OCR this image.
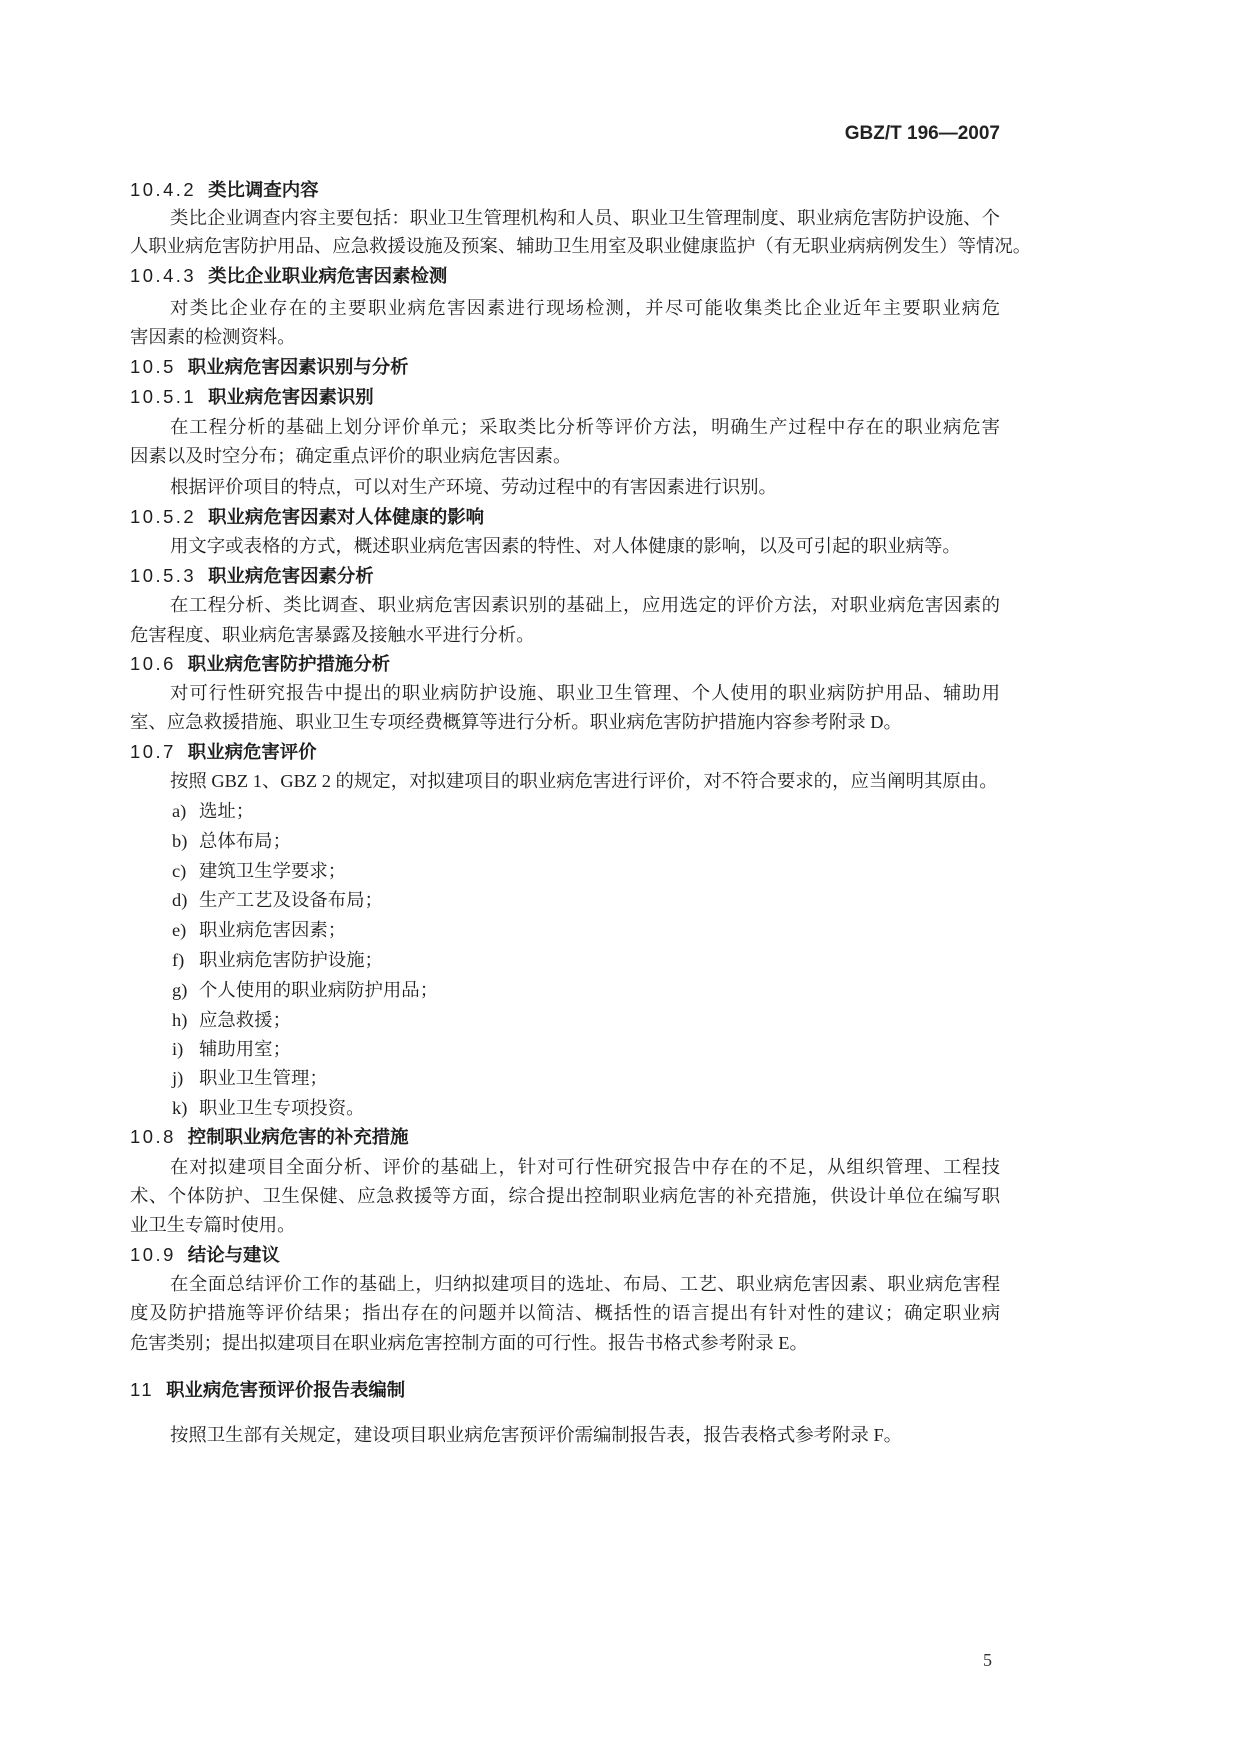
GBZ/T 196—2007
10.4.2 类比调查内容
类比企业调查内容主要包括：职业卫生管理机构和人员、职业卫生管理制度、职业病危害防护设施、个
人职业病危害防护用品、应急救援设施及预案、辅助卫生用室及职业健康监护（有无职业病病例发生）等情况。
10.4.3 类比企业职业病危害因素检测
对类比企业存在的主要职业病危害因素进行现场检测，并尽可能收集类比企业近年主要职业病危
害因素的检测资料。
10.5 职业病危害因素识别与分析
10.5.1 职业病危害因素识别
在工程分析的基础上划分评价单元；采取类比分析等评价方法，明确生产过程中存在的职业病危害
因素以及时空分布；确定重点评价的职业病危害因素。
根据评价项目的特点，可以对生产环境、劳动过程中的有害因素进行识别。
10.5.2 职业病危害因素对人体健康的影响
用文字或表格的方式，概述职业病危害因素的特性、对人体健康的影响，以及可引起的职业病等。
10.5.3 职业病危害因素分析
在工程分析、类比调查、职业病危害因素识别的基础上，应用选定的评价方法，对职业病危害因素的
危害程度、职业病危害暴露及接触水平进行分析。
10.6 职业病危害防护措施分析
对可行性研究报告中提出的职业病防护设施、职业卫生管理、个人使用的职业病防护用品、辅助用
室、应急救援措施、职业卫生专项经费概算等进行分析。职业病危害防护措施内容参考附录 D。
10.7 职业病危害评价
按照 GBZ 1、GBZ 2 的规定，对拟建项目的职业病危害进行评价，对不符合要求的，应当阐明其原由。
a) 选址；
b) 总体布局；
c) 建筑卫生学要求；
d) 生产工艺及设备布局；
e) 职业病危害因素；
f) 职业病危害防护设施；
g) 个人使用的职业病防护用品；
h) 应急救援；
i) 辅助用室；
j) 职业卫生管理；
k) 职业卫生专项投资。
10.8 控制职业病危害的补充措施
在对拟建项目全面分析、评价的基础上，针对可行性研究报告中存在的不足，从组织管理、工程技
术、个体防护、卫生保健、应急救援等方面，综合提出控制职业病危害的补充措施，供设计单位在编写职
业卫生专篇时使用。
10.9 结论与建议
在全面总结评价工作的基础上，归纳拟建项目的选址、布局、工艺、职业病危害因素、职业病危害程
度及防护措施等评价结果；指出存在的问题并以简洁、概括性的语言提出有针对性的建议；确定职业病
危害类别；提出拟建项目在职业病危害控制方面的可行性。报告书格式参考附录 E。
11 职业病危害预评价报告表编制
按照卫生部有关规定，建设项目职业病危害预评价需编制报告表，报告表格式参考附录 F。
5
